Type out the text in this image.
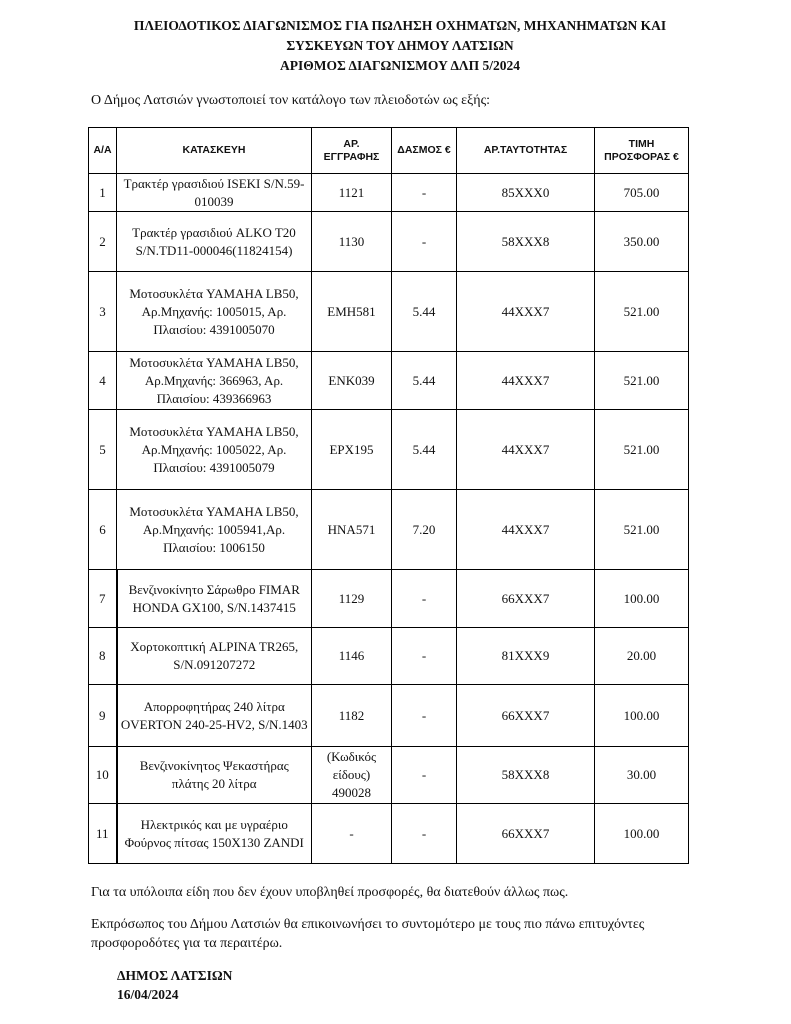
ΠΛΕΙΟΔΟΤΙΚΟΣ ΔΙΑΓΩΝΙΣΜΟΣ ΓΙΑ ΠΩΛΗΣΗ ΟΧΗΜΑΤΩΝ, ΜΗΧΑΝΗΜΑΤΩΝ ΚΑΙ
ΣΥΣΚΕΥΩΝ ΤΟΥ ΔΗΜΟΥ ΛΑΤΣΙΩΝ
ΑΡΙΘΜΟΣ ΔΙΑΓΩΝΙΣΜΟΥ ΔΛΠ 5/2024
Ο Δήμος Λατσιών γνωστοποιεί τον κατάλογο των πλειοδοτών ως εξής:
Α/Α	ΚΑΤΑΣΚΕΥΗ	ΑΡ. ΕΓΓΡΑΦΗΣ	ΔΑΣΜΟΣ €	ΑΡ.ΤΑΥΤΟΤΗΤΑΣ	ΤΙΜΗ ΠΡΟΣΦΟΡΑΣ €
1	Τρακτέρ γρασιδιού ISEKI S/N.59-010039	1121	-	85XXX0	705.00
2	Τρακτέρ γρασιδιού ALKO T20 S/N.TD11-000046(11824154)	1130	-	58XXX8	350.00
3	Μοτοσυκλέτα YAMAHA LB50, Αρ.Μηχανής: 1005015, Αρ. Πλαισίου: 4391005070	EMH581	5.44	44XXX7	521.00
4	Μοτοσυκλέτα YAMAHA LB50, Αρ.Μηχανής: 366963, Αρ. Πλαισίου: 439366963	ENK039	5.44	44XXX7	521.00
5	Μοτοσυκλέτα YAMAHA LB50, Αρ.Μηχανής: 1005022, Αρ. Πλαισίου: 4391005079	EPX195	5.44	44XXX7	521.00
6	Μοτοσυκλέτα YAMAHA LB50, Αρ.Μηχανής: 1005941,Αρ. Πλαισίου: 1006150	HNA571	7.20	44XXX7	521.00
7	Βενζινοκίνητο Σάρωθρο FIMAR HONDA GX100, S/N.1437415	1129	-	66XXX7	100.00
8	Χορτοκοπτική ALPINA TR265, S/N.091207272	1146	-	81XXX9	20.00
9	Απορροφητήρας 240 λίτρα OVERTON 240-25-HV2, S/N.1403	1182	-	66XXX7	100.00
10	Βενζινοκίνητος Ψεκαστήρας πλάτης 20 λίτρα	(Κωδικός είδους) 490028	-	58XXX8	30.00
11	Ηλεκτρικός και με υγραέριο Φούρνος πίτσας 150Χ130 ZANDI	-	-	66XXX7	100.00
Για τα υπόλοιπα είδη που δεν έχουν υποβληθεί προσφορές, θα διατεθούν άλλως πως.
Εκπρόσωπος του Δήμου Λατσιών θα επικοινωνήσει το συντομότερο με τους πιο πάνω επιτυχόντες προσφοροδότες για τα περαιτέρω.
ΔΗΜΟΣ ΛΑΤΣΙΩΝ
16/04/2024
